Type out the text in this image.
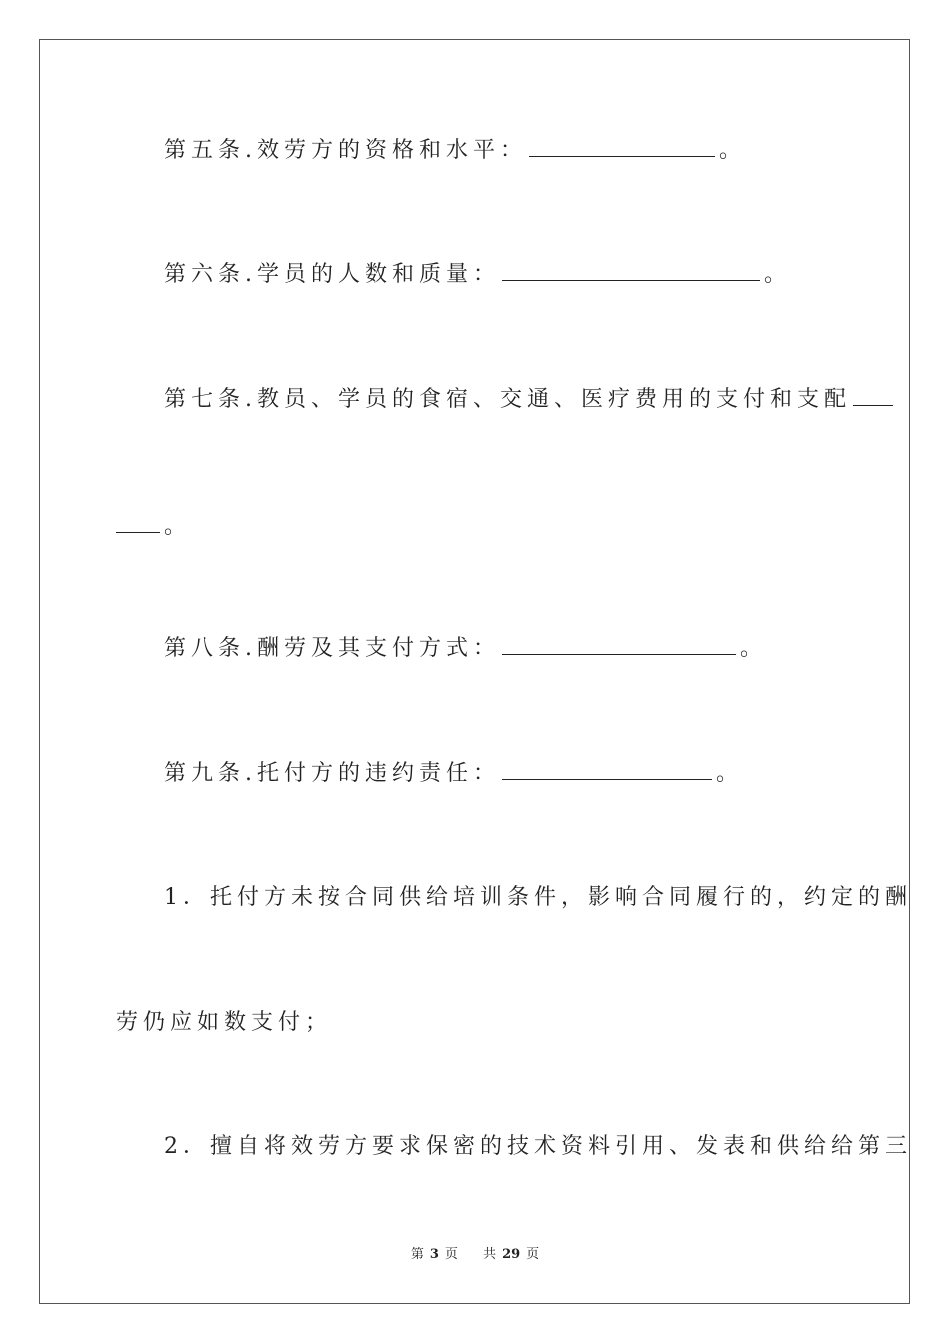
第五条.效劳方的资格和水平：	。
第六条.学员的人数和质量：	。
第七条.教员、学员的食宿、交通、医疗费用的支付和支配
。
第八条.酬劳及其支付方式：	。
第九条.托付方的违约责任：	。
1．托付方未按合同供给培训条件，影响合同履行的，约定的酬
劳仍应如数支付；
2．擅自将效劳方要求保密的技术资料引用、发表和供给给第三
第 3 页 共 29 页
